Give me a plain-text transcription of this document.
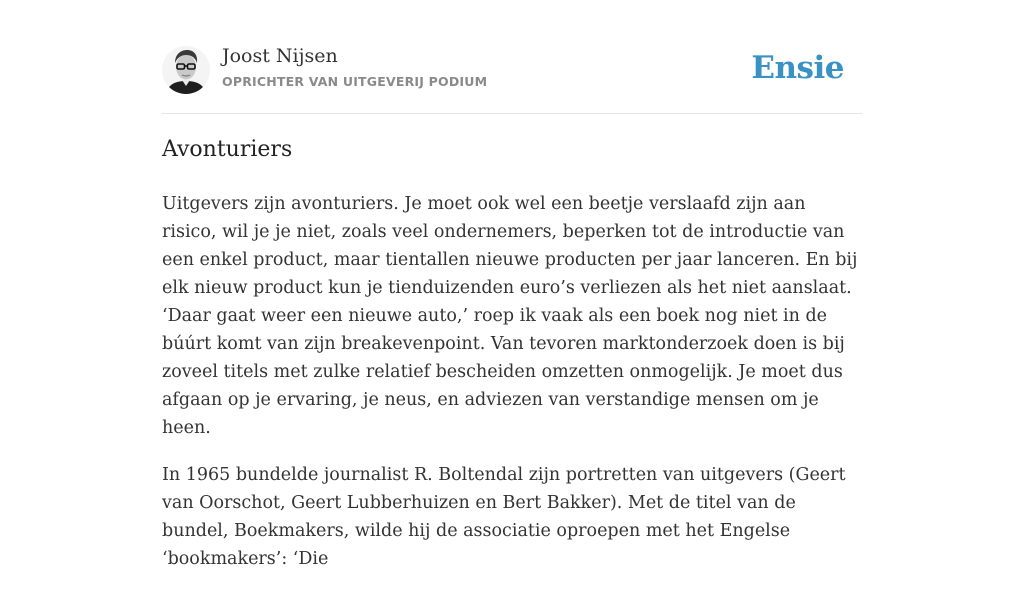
Joost Nijsen
OPRICHTER VAN UITGEVERIJ PODIUM	Ensie
Avonturiers

Uitgevers zijn avonturiers. Je moet ook wel een beetje verslaafd zijn aan risico, wil je je niet, zoals veel ondernemers, beperken tot de introductie van een enkel product, maar tientallen nieuwe producten per jaar lanceren. En bij elk nieuw product kun je tienduizenden euro’s verliezen als het niet aanslaat. ‘Daar gaat weer een nieuwe auto,’ roep ik vaak als een boek nog niet in de búúrt komt van zijn breakevenpoint. Van tevoren marktonderzoek doen is bij zoveel titels met zulke relatief bescheiden omzetten onmogelijk. Je moet dus afgaan op je ervaring, je neus, en adviezen van verstandige mensen om je heen.

In 1965 bundelde journalist R. Boltendal zijn portretten van uitgevers (Geert van Oorschot, Geert Lubberhuizen en Bert Bakker). Met de titel van de bundel, Boekmakers, wilde hij de associatie oproepen met het Engelse ‘bookmakers’: ‘Die
